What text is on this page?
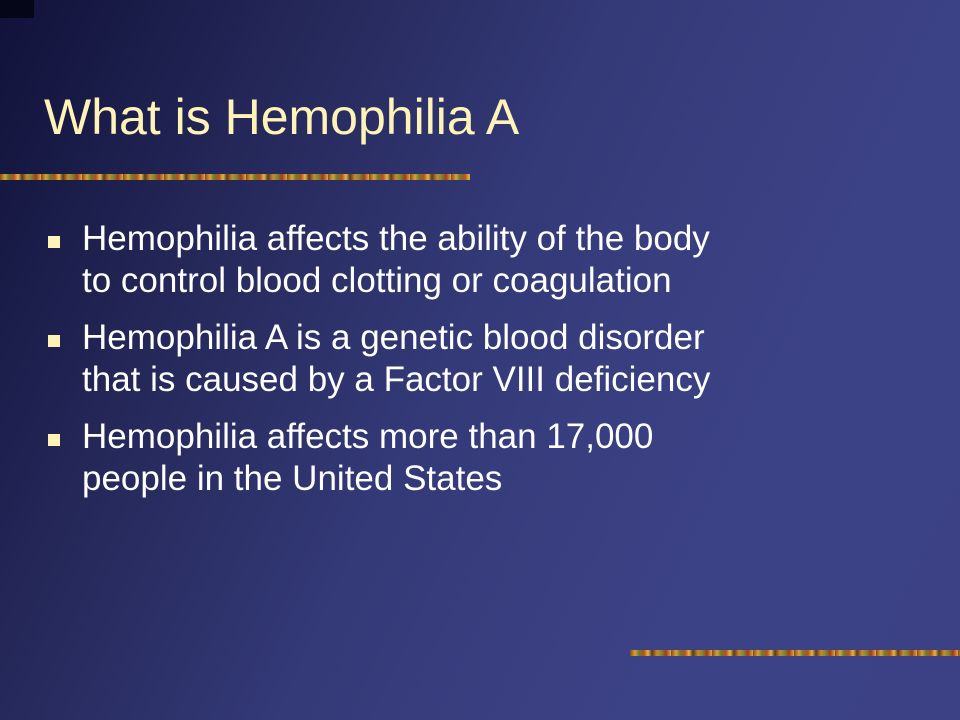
What is Hemophilia A
Hemophilia affects the ability of the body
to control blood clotting or coagulation
Hemophilia A is a genetic blood disorder
that is caused by a Factor VIII deficiency
Hemophilia affects more than 17,000
people in the United States
